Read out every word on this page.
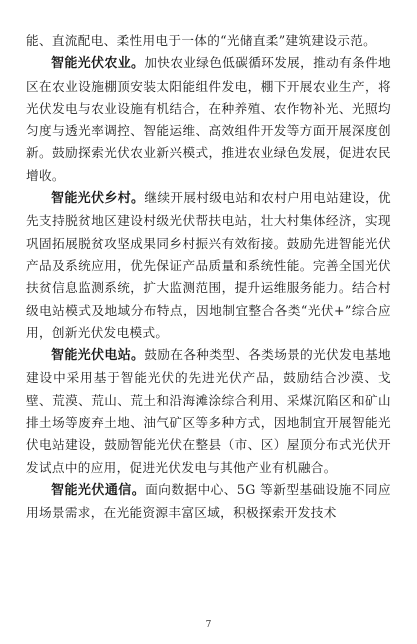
能、直流配电、柔性用电于一体的“光储直柔”建筑建设示范。

智能光伏农业。加快农业绿色低碳循环发展，推动有条件地区在农业设施棚顶安装太阳能组件发电，棚下开展农业生产，将光伏发电与农业设施有机结合，在种养殖、农作物补光、光照均匀度与透光率调控、智能运维、高效组件开发等方面开展深度创新。鼓励探索光伏农业新兴模式，推进农业绿色发展，促进农民增收。

智能光伏乡村。继续开展村级电站和农村户用电站建设，优先支持脱贫地区建设村级光伏帮扶电站，壮大村集体经济，实现巩固拓展脱贫攻坚成果同乡村振兴有效衔接。鼓励先进智能光伏产品及系统应用，优先保证产品质量和系统性能。完善全国光伏扶贫信息监测系统，扩大监测范围，提升运维服务能力。结合村级电站模式及地域分布特点，因地制宜整合各类“光伏+”综合应用，创新光伏发电模式。

智能光伏电站。鼓励在各种类型、各类场景的光伏发电基地建设中采用基于智能光伏的先进光伏产品，鼓励结合沙漠、戈壁、荒漠、荒山、荒土和沿海滩涂综合利用、采煤沉陷区和矿山排土场等废弃土地、油气矿区等多种方式，因地制宜开展智能光伏电站建设，鼓励智能光伏在整县（市、区）屋顶分布式光伏开发试点中的应用，促进光伏发电与其他产业有机融合。

智能光伏通信。面向数据中心、5G 等新型基础设施不同应用场景需求，在光能资源丰富区域，积极探索开发技术

7
